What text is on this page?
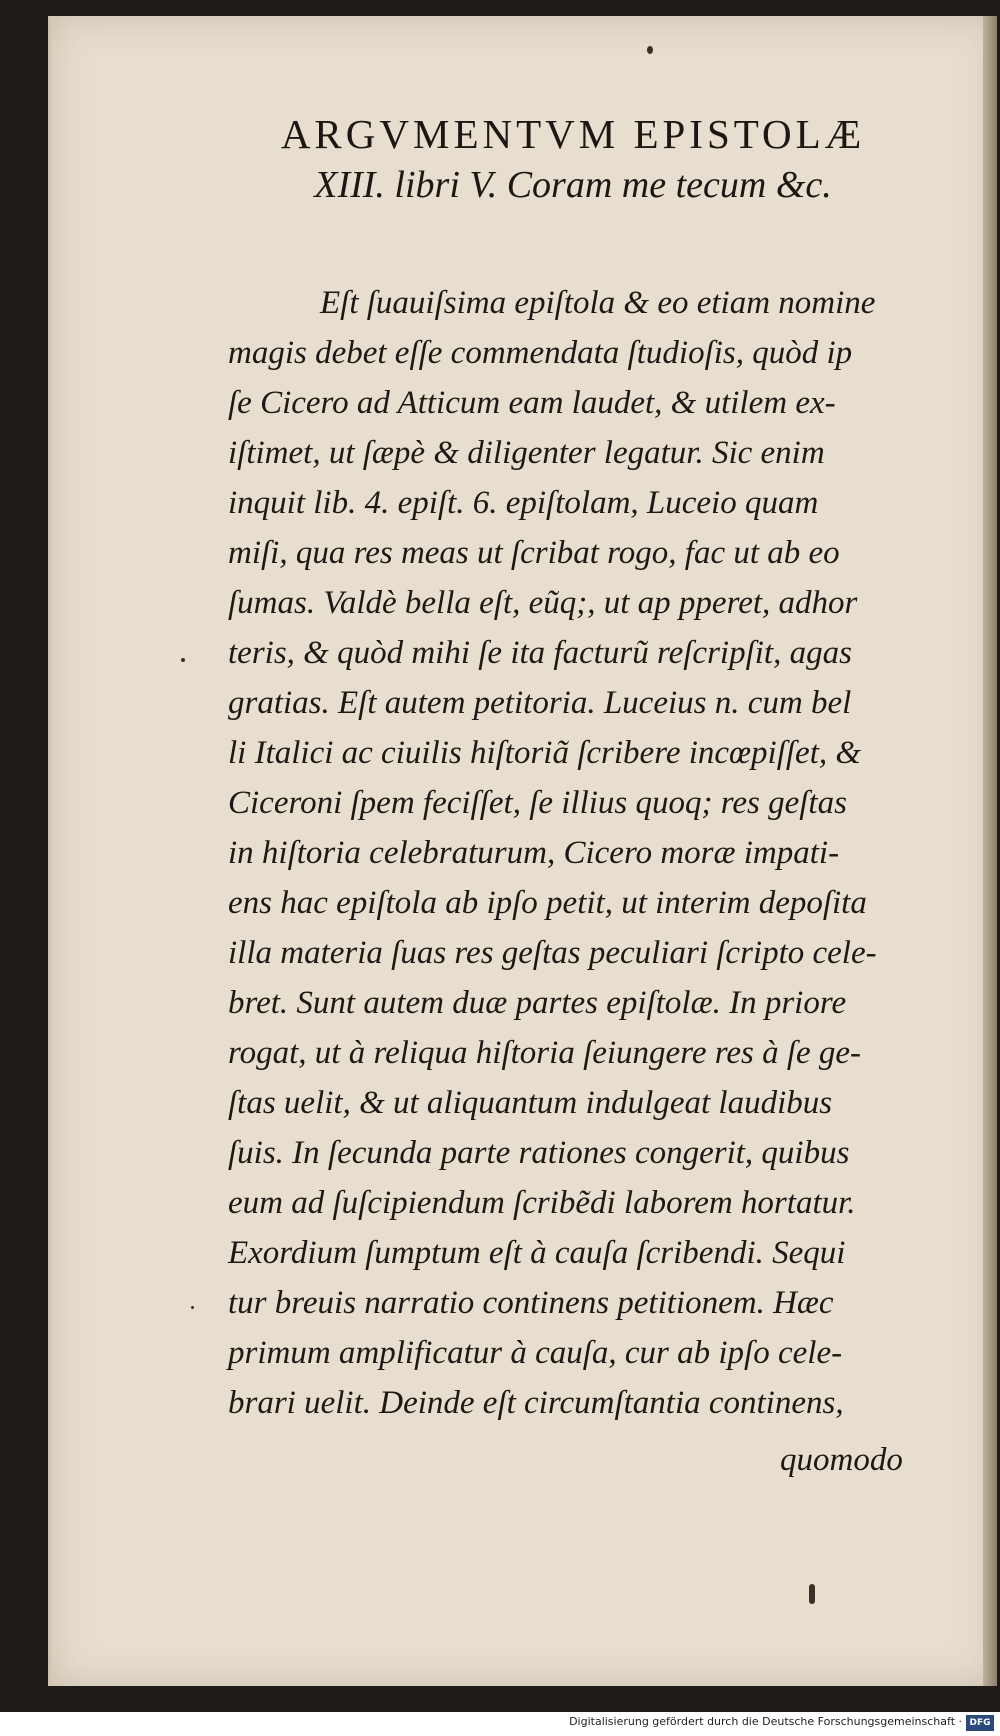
ARGVMENTVM EPISTOLÆ
XIII. libri V. Coram me tecum &c.
Eſt ſuauiſsima epiſtola & eo etiam nomine
magis debet eſſe commendata ſtudioſis, quòd ip
ſe Cicero ad Atticum eam laudet, & utilem ex-
iſtimet, ut ſæpè & diligenter legatur. Sic enim
inquit lib. 4. epiſt. 6. epiſtolam, Luceio quam
miſi, qua res meas ut ſcribat rogo, fac ut ab eo
ſumas. Valdè bella eſt, eũq;, ut ap pperet, adhor
teris, & quòd mihi ſe ita facturũ reſcripſit, agas
gratias. Eſt autem petitoria. Luceius n. cum bel
li Italici ac ciuilis hiſtoriã ſcribere incœpiſſet, &
Ciceroni ſpem feciſſet, ſe illius quoq; res geſtas
in hiſtoria celebraturum, Cicero moræ impati-
ens hac epiſtola ab ipſo petit, ut interim depoſita
illa materia ſuas res geſtas peculiari ſcripto cele-
bret. Sunt autem duæ partes epiſtolæ. In priore
rogat, ut à reliqua hiſtoria ſeiungere res à ſe ge-
ſtas uelit, & ut aliquantum indulgeat laudibus
ſuis. In ſecunda parte rationes congerit, quibus
eum ad ſuſcipiendum ſcribẽdi laborem hortatur.
Exordium ſumptum eſt à cauſa ſcribendi. Sequi
tur breuis narratio continens petitionem. Hæc
primum amplificatur à cauſa, cur ab ipſo cele-
brari uelit. Deinde eſt circumſtantia continens,
quomodo
Digitalisierung gefördert durch die Deutsche Forschungsgemeinschaft · DFG
